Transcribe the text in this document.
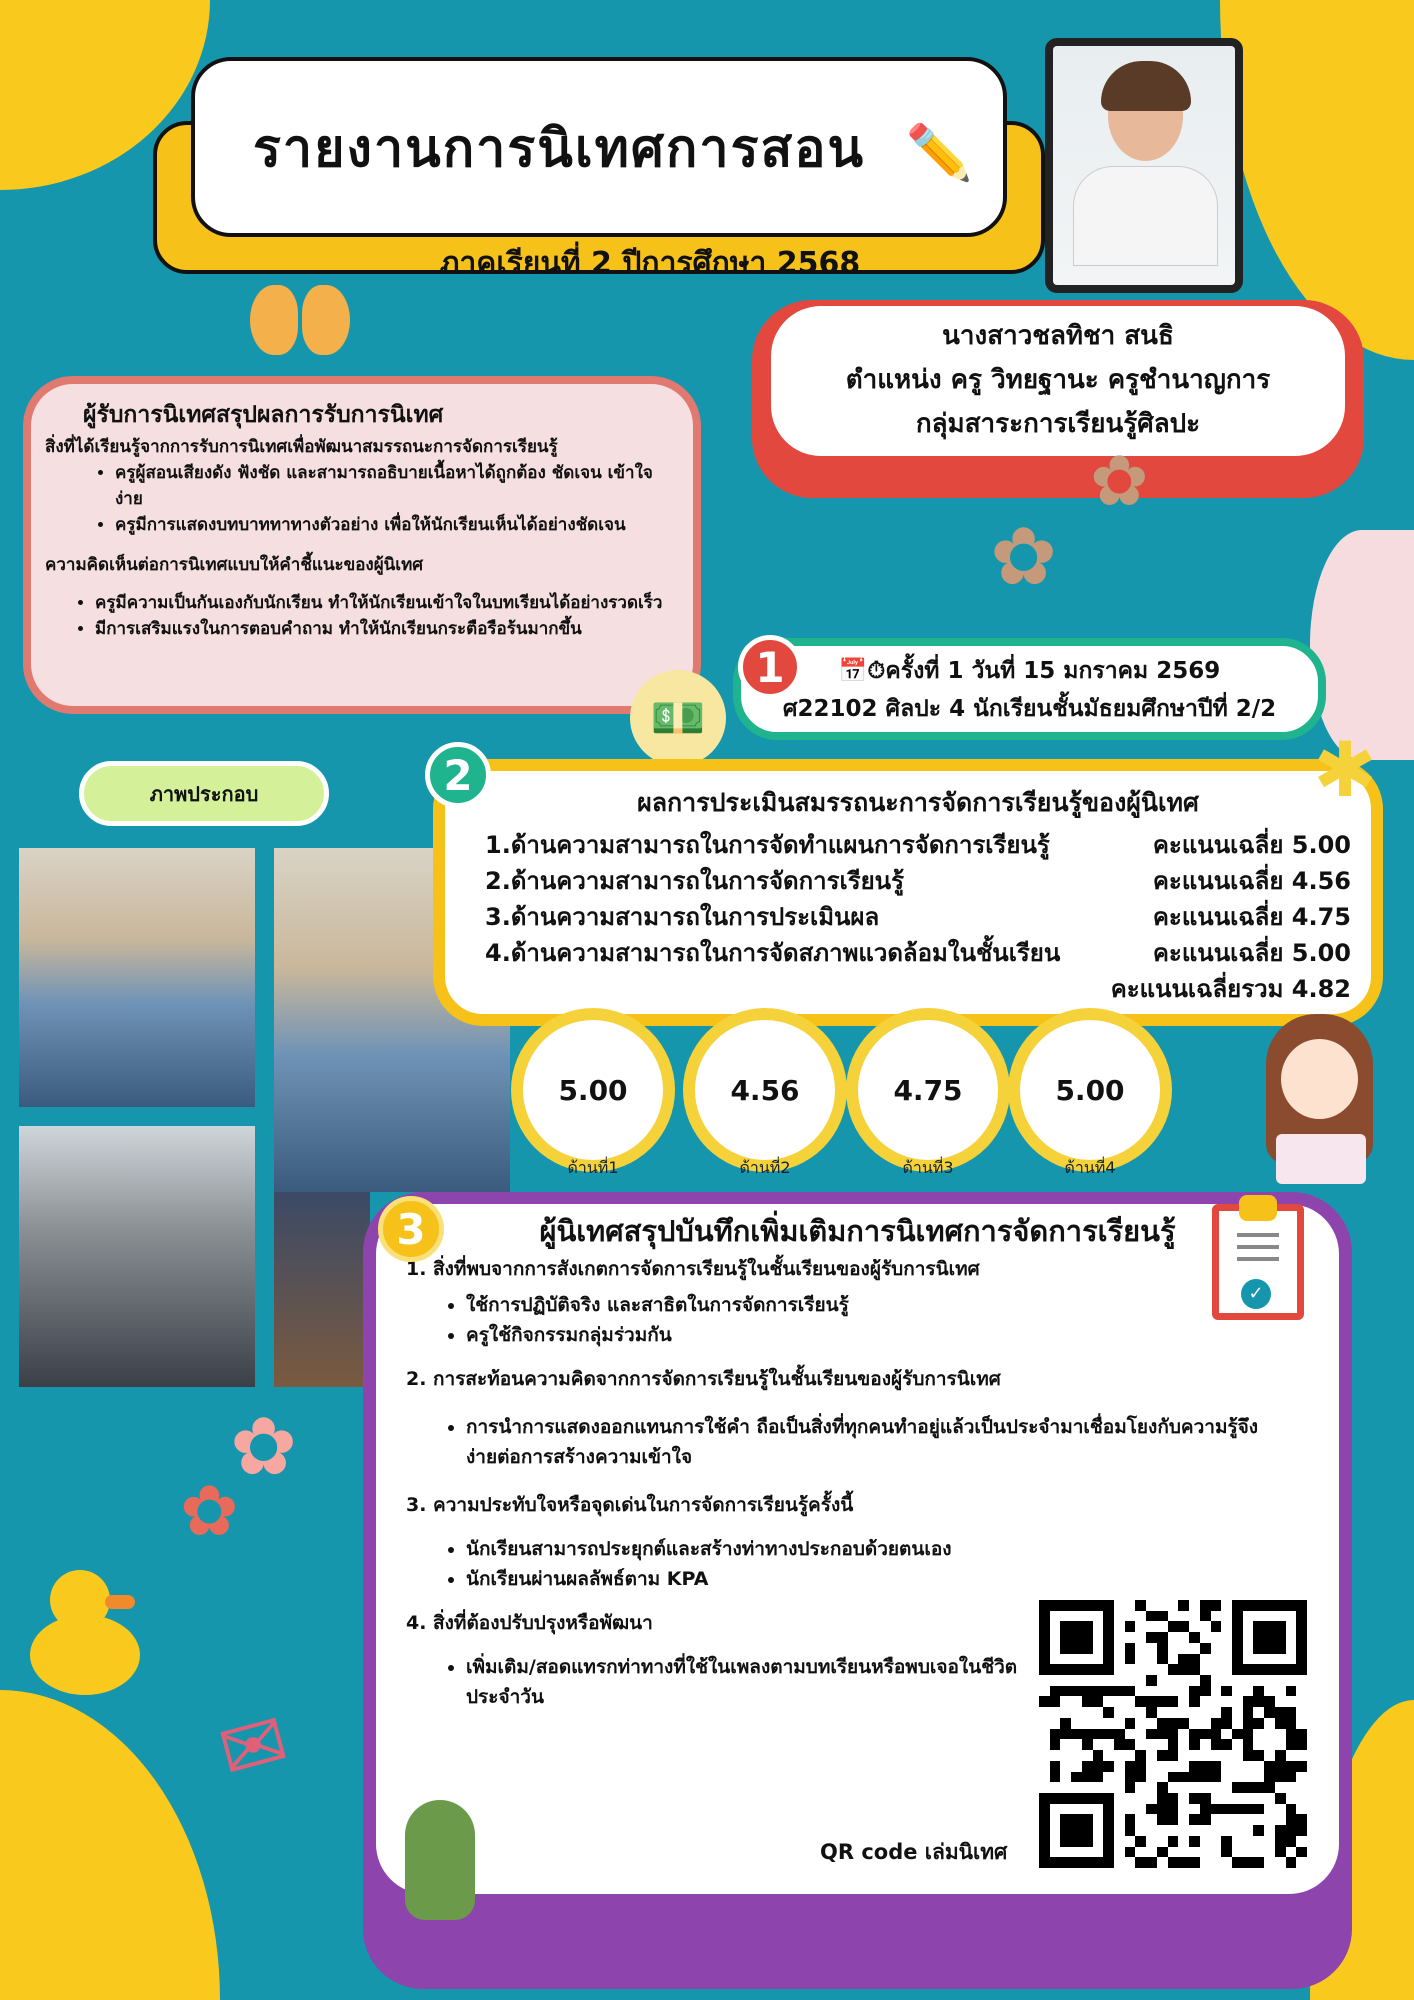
รายงานการนิเทศการสอน ✏️
ภาคเรียนที่ 2 ปีการศึกษา 2568
นางสาวชลทิชา สนธิ
ตำแหน่ง ครู วิทยฐานะ ครูชำนาญการ
กลุ่มสาระการเรียนรู้ศิลปะ
ผู้รับการนิเทศสรุปผลการรับการนิเทศ
สิ่งที่ได้เรียนรู้จากการรับการนิเทศเพื่อพัฒนาสมรรถนะการจัดการเรียนรู้
• ครูผู้สอนเสียงดัง ฟังชัด และสามารถอธิบายเนื้อหาได้ถูกต้อง ชัดเจน เข้าใจง่าย
• ครูมีการแสดงบทบาททาทางตัวอย่าง เพื่อให้นักเรียนเห็นได้อย่างชัดเจน
ความคิดเห็นต่อการนิเทศแบบให้คำชี้แนะของผู้นิเทศ
• ครูมีความเป็นกันเองกับนักเรียน ทำให้นักเรียนเข้าใจในบทเรียนได้อย่างรวดเร็ว
• มีการเสริมแรงในการตอบคำถาม ทำให้นักเรียนกระตือรือร้นมากขึ้น
💵
📅⏱ครั้งที่ 1 วันที่ 15 มกราคม 2569
ศ22102 ศิลปะ 4 นักเรียนชั้นมัธยมศึกษาปีที่ 2/2
1
ภาพประกอบ	ผลการประเมินสมรรถนะการจัดการเรียนรู้ของผู้นิเทศ
1.ด้านความสามารถในการจัดทำแผนการจัดการเรียนรู้	คะแนนเฉลี่ย 5.00
2.ด้านความสามารถในการจัดการเรียนรู้	คะแนนเฉลี่ย 4.56
3.ด้านความสามารถในการประเมินผล	คะแนนเฉลี่ย 4.75
4.ด้านความสามารถในการจัดสภาพแวดล้อมในชั้นเรียน	คะแนนเฉลี่ย 5.00
คะแนนเฉลี่ยรวม 4.82
2	✱
5.00	4.56	4.75	5.00
ด้านที่1	ด้านที่2	ด้านที่3	ด้านที่4
ผู้นิเทศสรุปบันทึกเพิ่มเติมการนิเทศการจัดการเรียนรู้
1. สิ่งที่พบจากการสังเกตการจัดการเรียนรู้ในชั้นเรียนของผู้รับการนิเทศ
• ใช้การปฏิบัติจริง และสาธิตในการจัดการเรียนรู้
• ครูใช้กิจกรรมกลุ่มร่วมกัน
2. การสะท้อนความคิดจากการจัดการเรียนรู้ในชั้นเรียนของผู้รับการนิเทศ
• การนำการแสดงออกแทนการใช้คำ ถือเป็นสิ่งที่ทุกคนทำอยู่แล้วเป็นประจำมาเชื่อมโยงกับความรู้จึงง่ายต่อการสร้างความเข้าใจ
3. ความประทับใจหรือจุดเด่นในการจัดการเรียนรู้ครั้งนี้
• นักเรียนสามารถประยุกต์และสร้างท่าทางประกอบด้วยตนเอง
• นักเรียนผ่านผลลัพธ์ตาม KPA
4. สิ่งที่ต้องปรับปรุงหรือพัฒนา
• เพิ่มเติม/สอดแทรกท่าทางที่ใช้ในเพลงตามบทเรียนหรือพบเจอในชีวิตประจำวัน
3
✓
QR code เล่มนิเทศ
✿
✿
✉
✿
✿
